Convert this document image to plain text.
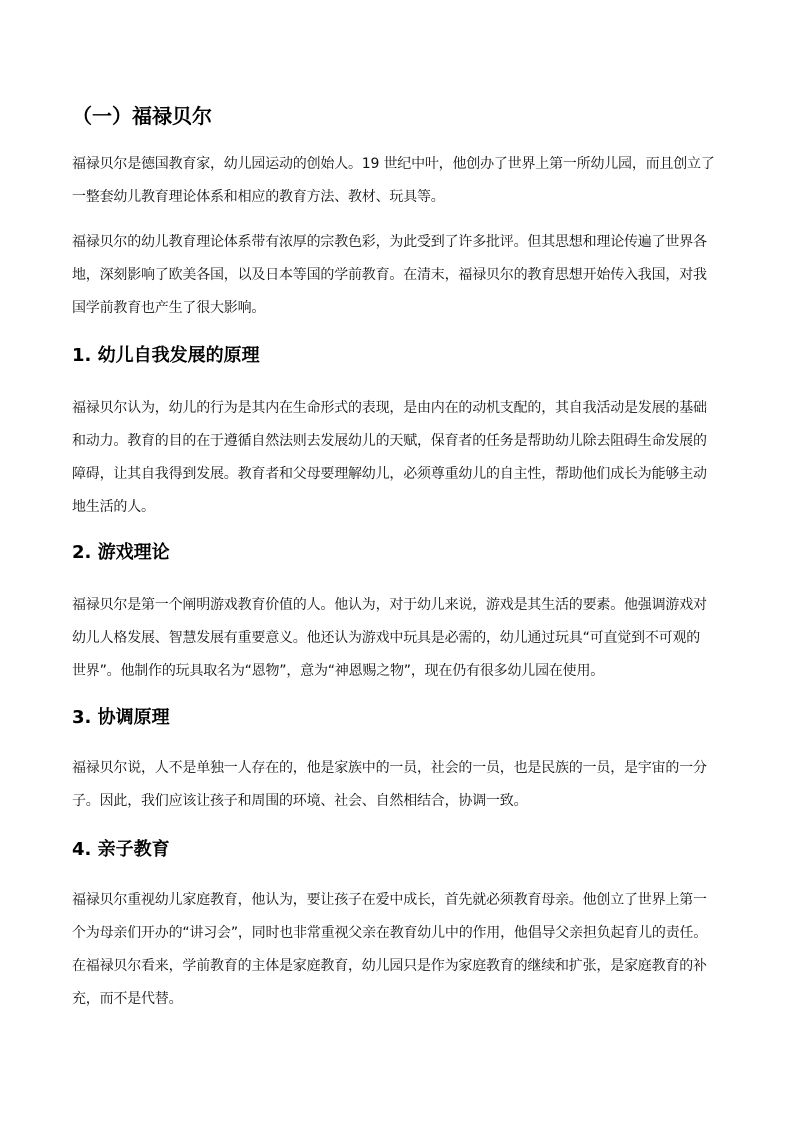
（一）福禄贝尔
福禄贝尔是德国教育家，幼儿园运动的创始人。19 世纪中叶，他创办了世界上第一所幼儿园，而且创立了
一整套幼儿教育理论体系和相应的教育方法、教材、玩具等。
福禄贝尔的幼儿教育理论体系带有浓厚的宗教色彩，为此受到了许多批评。但其思想和理论传遍了世界各
地，深刻影响了欧美各国，以及日本等国的学前教育。在清末，福禄贝尔的教育思想开始传入我国，对我
国学前教育也产生了很大影响。
1. 幼儿自我发展的原理
福禄贝尔认为，幼儿的行为是其内在生命形式的表现，是由内在的动机支配的，其自我活动是发展的基础
和动力。教育的目的在于遵循自然法则去发展幼儿的天赋，保育者的任务是帮助幼儿除去阻碍生命发展的
障碍，让其自我得到发展。教育者和父母要理解幼儿，必须尊重幼儿的自主性，帮助他们成长为能够主动
地生活的人。
2. 游戏理论
福禄贝尔是第一个阐明游戏教育价值的人。他认为，对于幼儿来说，游戏是其生活的要素。他强调游戏对
幼儿人格发展、智慧发展有重要意义。他还认为游戏中玩具是必需的，幼儿通过玩具“可直觉到不可观的
世界”。他制作的玩具取名为“恩物”，意为“神恩赐之物”，现在仍有很多幼儿园在使用。
3. 协调原理
福禄贝尔说，人不是单独一人存在的，他是家族中的一员，社会的一员，也是民族的一员，是宇宙的一分
子。因此，我们应该让孩子和周围的环境、社会、自然相结合，协调一致。
4. 亲子教育
福禄贝尔重视幼儿家庭教育，他认为，要让孩子在爱中成长，首先就必须教育母亲。他创立了世界上第一
个为母亲们开办的“讲习会”，同时也非常重视父亲在教育幼儿中的作用，他倡导父亲担负起育儿的责任。
在福禄贝尔看来，学前教育的主体是家庭教育，幼儿园只是作为家庭教育的继续和扩张，是家庭教育的补
充，而不是代替。
